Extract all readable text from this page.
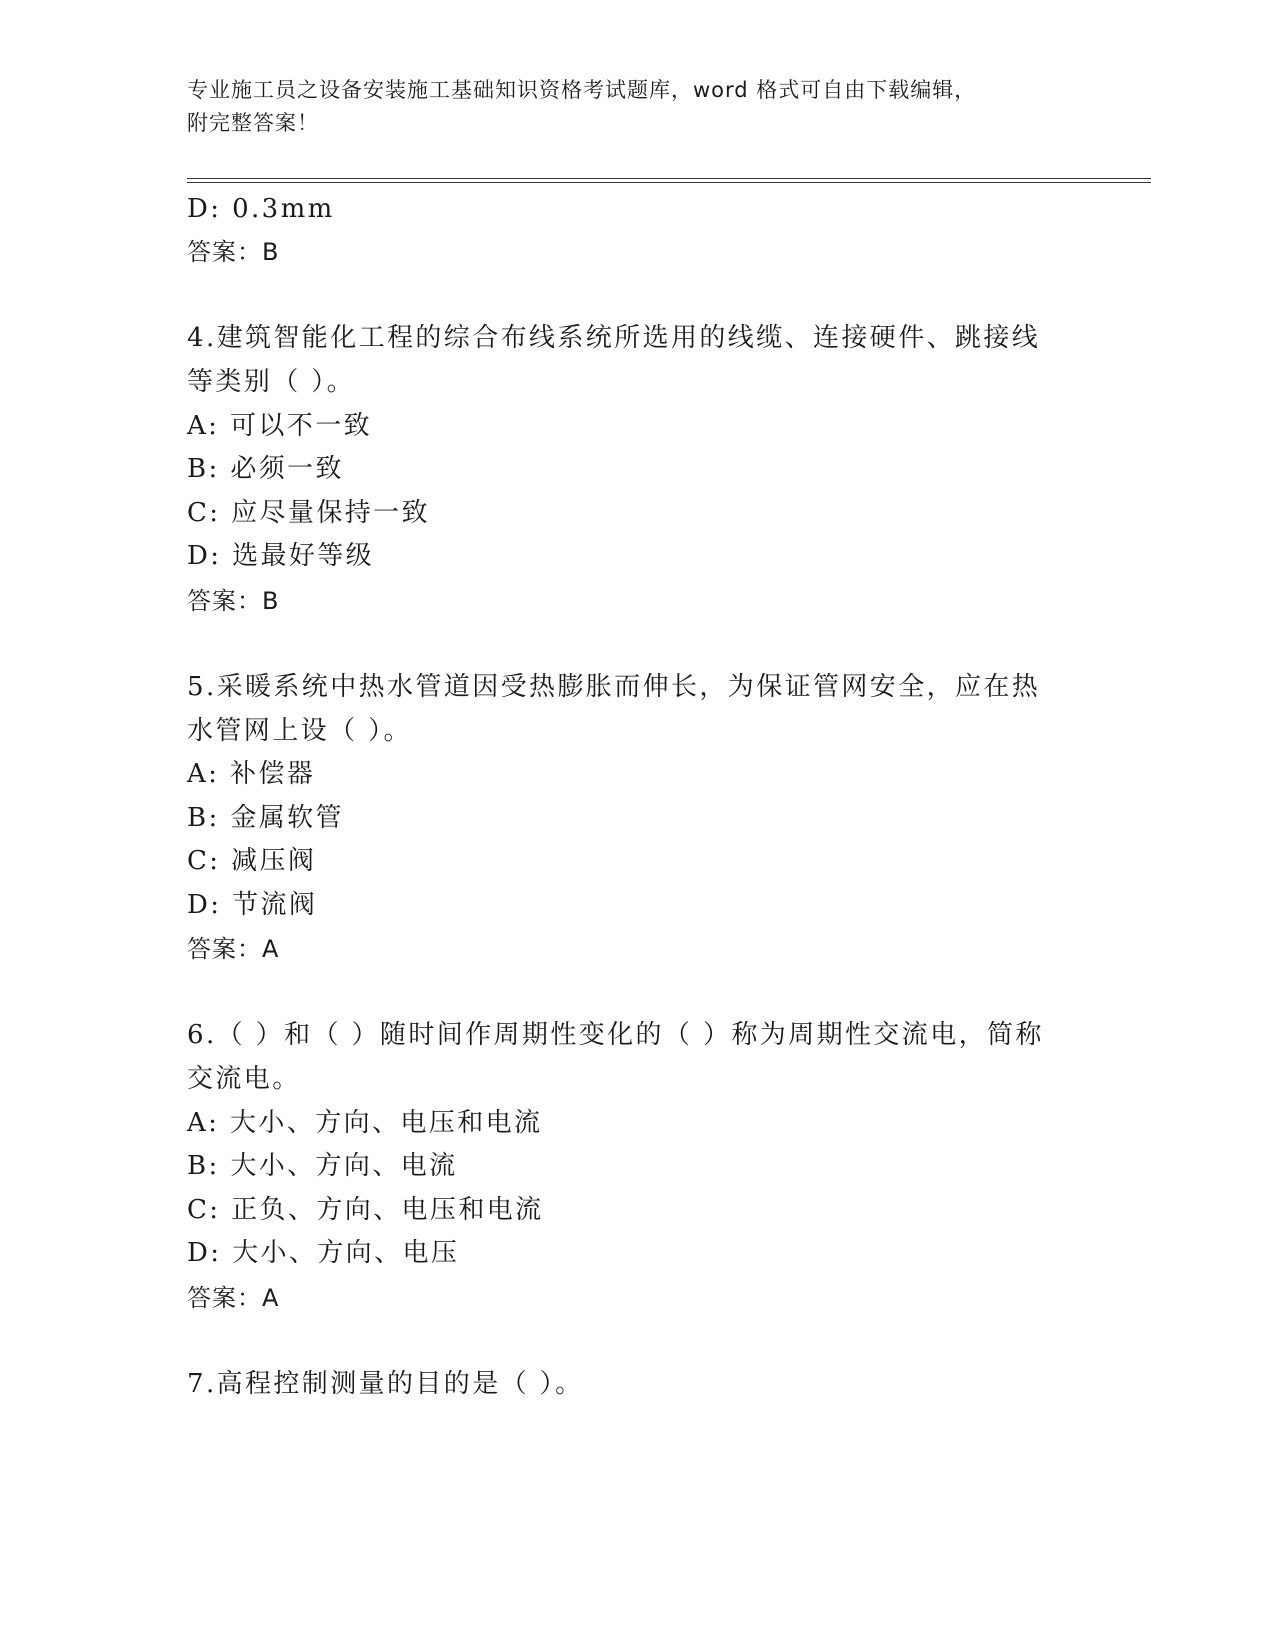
专业施工员之设备安装施工基础知识资格考试题库，word 格式可自由下载编辑，
附完整答案！
D: 0.3mm
答案：B
4.建筑智能化工程的综合布线系统所选用的线缆、连接硬件、跳接线
等类别（ ）。
A: 可以不一致
B: 必须一致
C: 应尽量保持一致
D: 选最好等级
答案：B
5.采暖系统中热水管道因受热膨胀而伸长，为保证管网安全，应在热
水管网上设（ ）。
A: 补偿器
B: 金属软管
C: 减压阀
D: 节流阀
答案：A
6.（ ）和（ ）随时间作周期性变化的（ ）称为周期性交流电，简称
交流电。
A: 大小、方向、电压和电流
B: 大小、方向、电流
C: 正负、方向、电压和电流
D: 大小、方向、电压
答案：A
7.高程控制测量的目的是（ ）。
